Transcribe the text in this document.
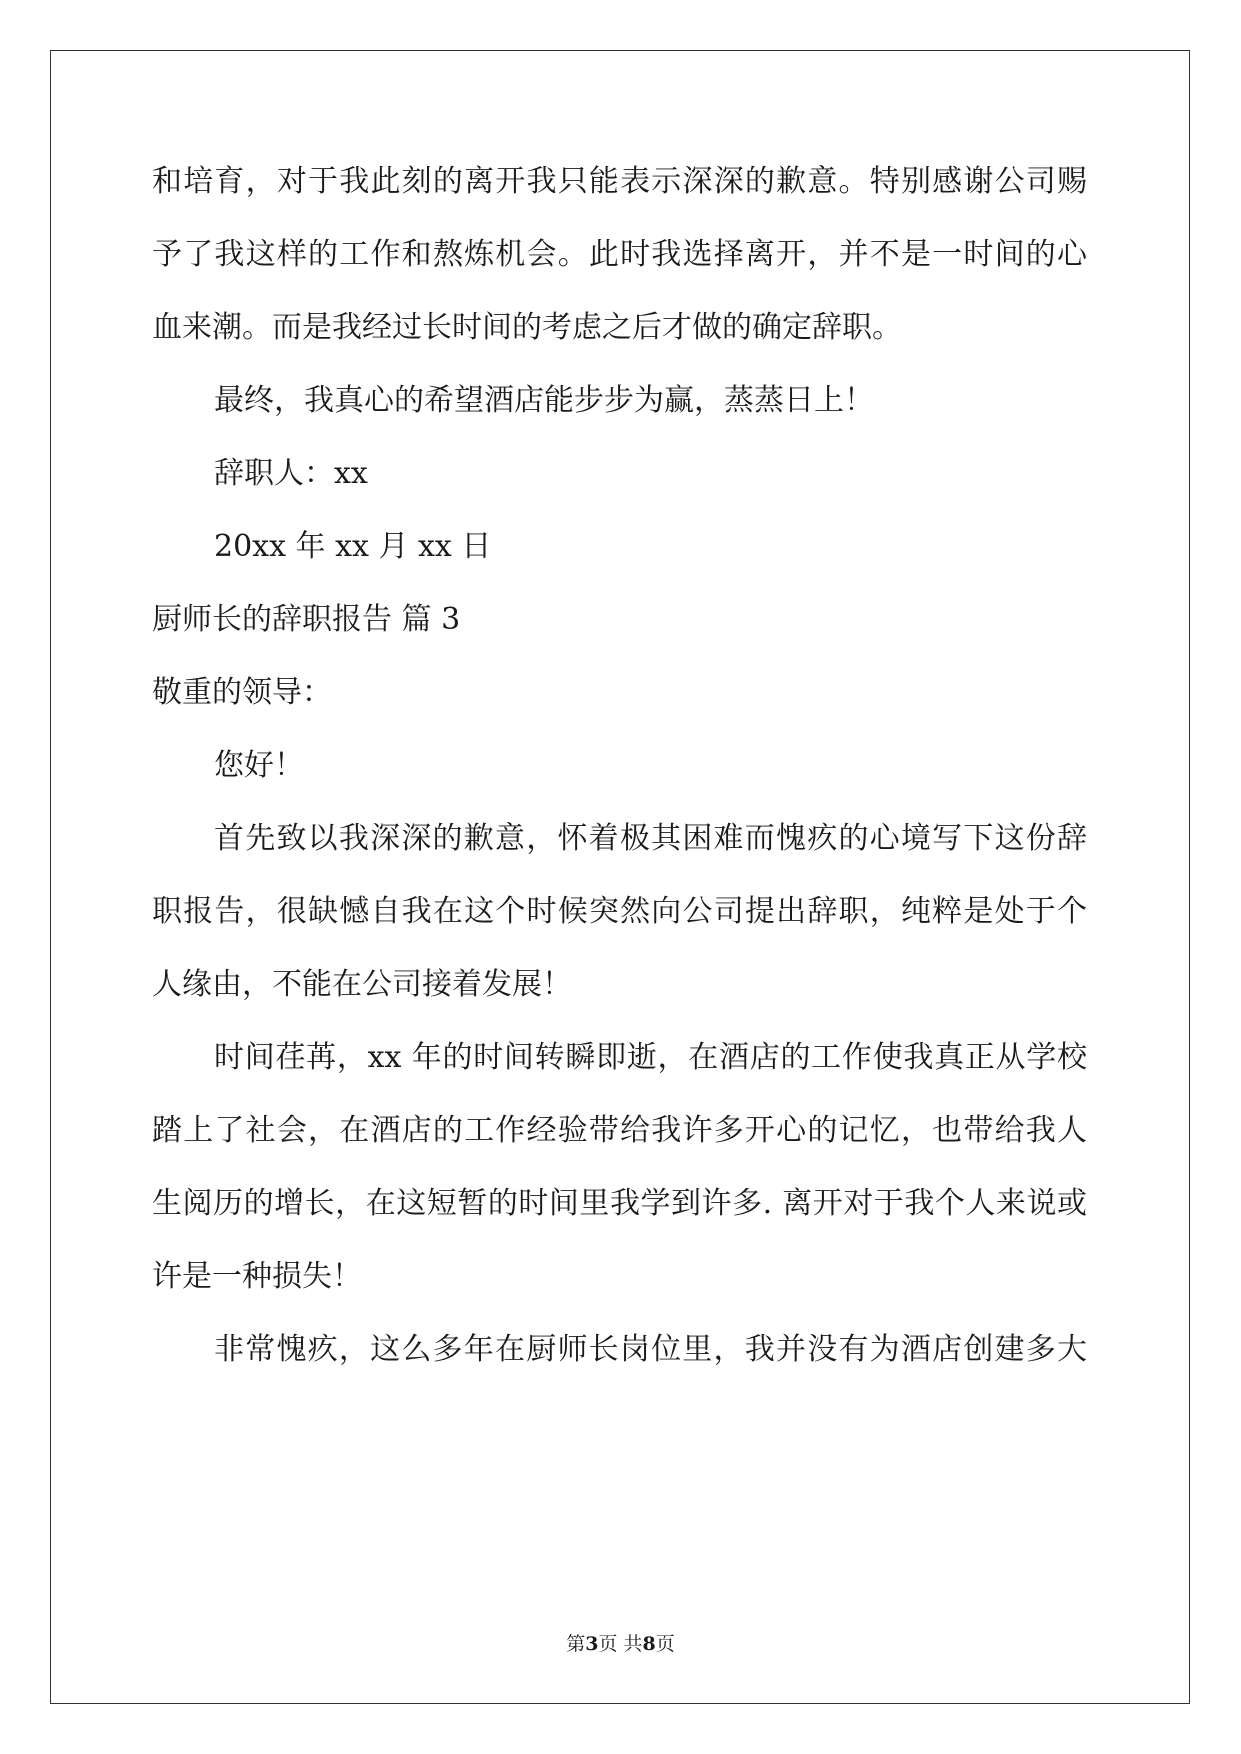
和培育，对于我此刻的离开我只能表示深深的歉意。特别感谢公司赐
予了我这样的工作和熬炼机会。此时我选择离开，并不是一时间的心
血来潮。而是我经过长时间的考虑之后才做的确定辞职。
最终，我真心的希望酒店能步步为赢，蒸蒸日上！
辞职人：xx
20xx 年 xx 月 xx 日
厨师长的辞职报告 篇 3
敬重的领导：
您好！
首先致以我深深的歉意，怀着极其困难而愧疚的心境写下这份辞
职报告，很缺憾自我在这个时候突然向公司提出辞职，纯粹是处于个
人缘由，不能在公司接着发展！
时间荏苒，xx 年的时间转瞬即逝，在酒店的工作使我真正从学校
踏上了社会，在酒店的工作经验带给我许多开心的记忆，也带给我人
生阅历的增长，在这短暂的时间里我学到许多. 离开对于我个人来说或
许是一种损失！
非常愧疚，这么多年在厨师长岗位里，我并没有为酒店创建多大
第3页 共8页
